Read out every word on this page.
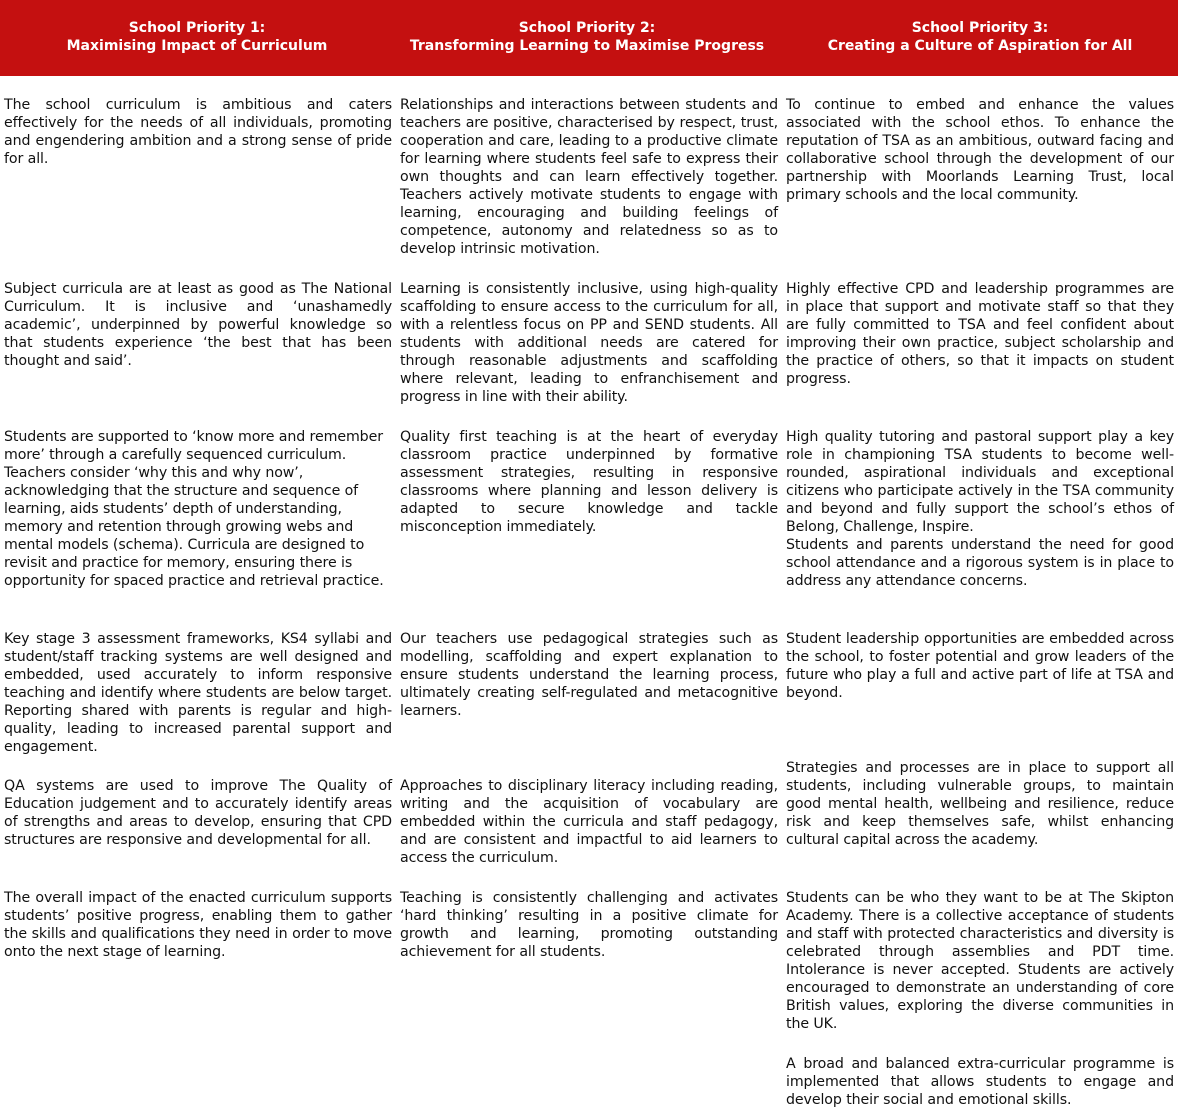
School Priority 1:
Maximising Impact of Curriculum
School Priority 2:
Transforming Learning to Maximise Progress
School Priority 3:
Creating a Culture of Aspiration for All

The school curriculum is ambitious and caters effectively for the needs of all individuals, promoting and engendering ambition and a strong sense of pride for all.

Subject curricula are at least as good as The National Curriculum. It is inclusive and ‘unashamedly academic’, underpinned by powerful knowledge so that students experience ‘the best that has been thought and said’.

Students are supported to ‘know more and remember more’ through a carefully sequenced curriculum. Teachers consider ‘why this and why now’, acknowledging that the structure and sequence of learning, aids students’ depth of understanding, memory and retention through growing webs and mental models (schema). Curricula are designed to revisit and practice for memory, ensuring there is opportunity for spaced practice and retrieval practice.

Key stage 3 assessment frameworks, KS4 syllabi and student/staff tracking systems are well designed and embedded, used accurately to inform responsive teaching and identify where students are below target. Reporting shared with parents is regular and high-quality, leading to increased parental support and engagement.

QA systems are used to improve The Quality of Education judgement and to accurately identify areas of strengths and areas to develop, ensuring that CPD structures are responsive and developmental for all.

The overall impact of the enacted curriculum supports students’ positive progress, enabling them to gather the skills and qualifications they need in order to move onto the next stage of learning.

Relationships and interactions between students and teachers are positive, characterised by respect, trust, cooperation and care, leading to a productive climate for learning where students feel safe to express their own thoughts and can learn effectively together. Teachers actively motivate students to engage with learning, encouraging and building feelings of competence, autonomy and relatedness so as to develop intrinsic motivation.

Learning is consistently inclusive, using high-quality scaffolding to ensure access to the curriculum for all, with a relentless focus on PP and SEND students. All students with additional needs are catered for through reasonable adjustments and scaffolding where relevant, leading to enfranchisement and progress in line with their ability.

Quality first teaching is at the heart of everyday classroom practice underpinned by formative assessment strategies, resulting in responsive classrooms where planning and lesson delivery is adapted to secure knowledge and tackle misconception immediately.

Our teachers use pedagogical strategies such as modelling, scaffolding and expert explanation to ensure students understand the learning process, ultimately creating self-regulated and metacognitive learners.

Approaches to disciplinary literacy including reading, writing and the acquisition of vocabulary are embedded within the curricula and staff pedagogy, and are consistent and impactful to aid learners to access the curriculum.

Teaching is consistently challenging and activates ‘hard thinking’ resulting in a positive climate for growth and learning, promoting outstanding achievement for all students.

To continue to embed and enhance the values associated with the school ethos. To enhance the reputation of TSA as an ambitious, outward facing and collaborative school through the development of our partnership with Moorlands Learning Trust, local primary schools and the local community.

Highly effective CPD and leadership programmes are in place that support and motivate staff so that they are fully committed to TSA and feel confident about improving their own practice, subject scholarship and the practice of others, so that it impacts on student progress.

High quality tutoring and pastoral support play a key role in championing TSA students to become well-rounded, aspirational individuals and exceptional citizens who participate actively in the TSA community and beyond and fully support the school’s ethos of Belong, Challenge, Inspire.
Students and parents understand the need for good school attendance and a rigorous system is in place to address any attendance concerns.

Student leadership opportunities are embedded across the school, to foster potential and grow leaders of the future who play a full and active part of life at TSA and beyond.

Strategies and processes are in place to support all students, including vulnerable groups, to maintain good mental health, wellbeing and resilience, reduce risk and keep themselves safe, whilst enhancing cultural capital across the academy.

Students can be who they want to be at The Skipton Academy. There is a collective acceptance of students and staff with protected characteristics and diversity is celebrated through assemblies and PDT time. Intolerance is never accepted. Students are actively encouraged to demonstrate an understanding of core British values, exploring the diverse communities in the UK.

A broad and balanced extra-curricular programme is implemented that allows students to engage and develop their social and emotional skills.
